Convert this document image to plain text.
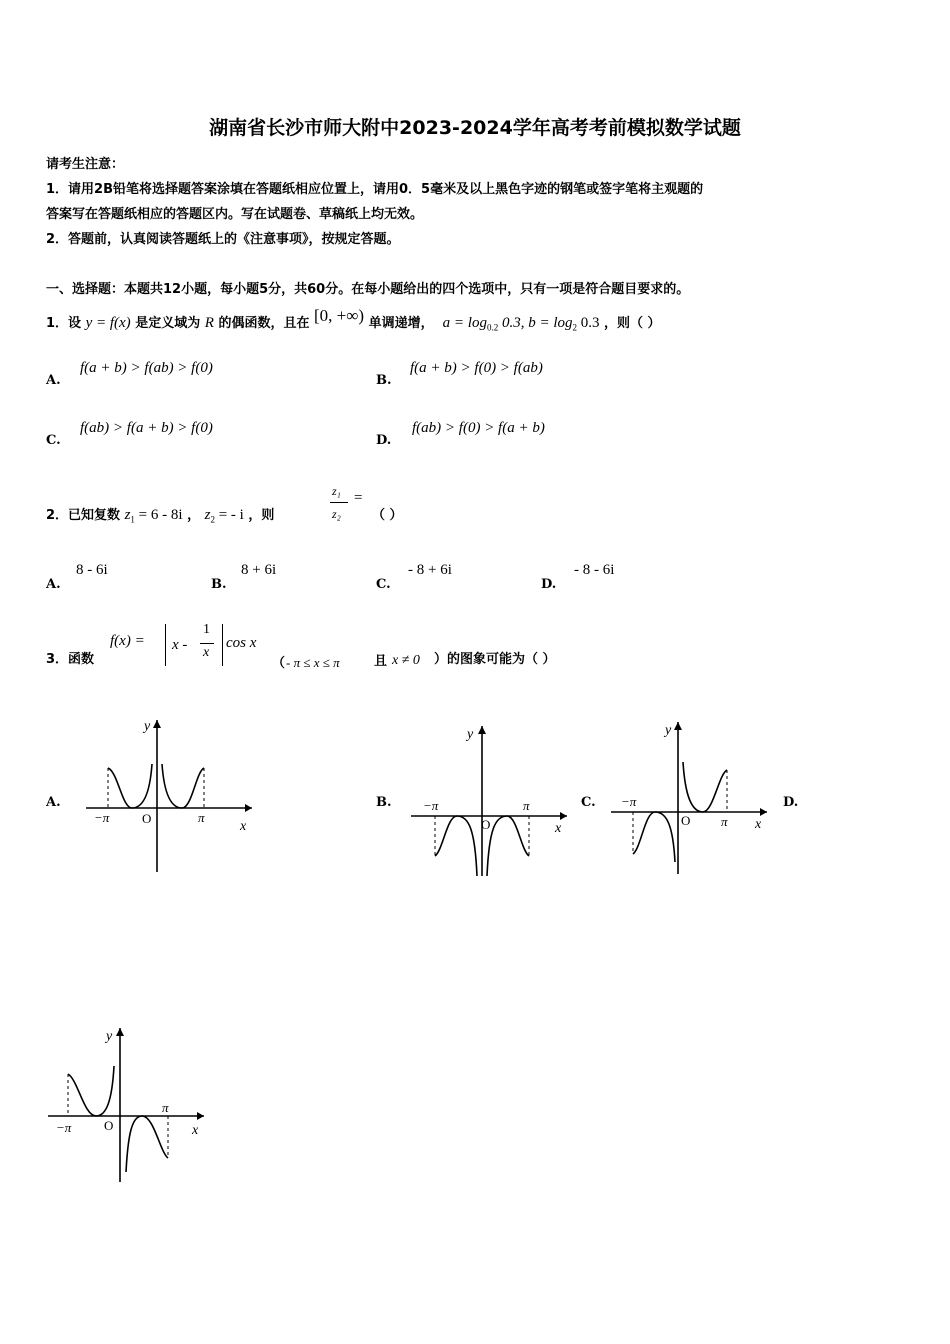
湖南省长沙市师大附中2023-2024学年高考考前模拟数学试题
请考生注意：
1．请用2B铅笔将选择题答案涂填在答题纸相应位置上，请用0．5毫米及以上黑色字迹的钢笔或签字笔将主观题的
答案写在答题纸相应的答题区内。写在试题卷、草稿纸上均无效。
2．答题前，认真阅读答题纸上的《注意事项》，按规定答题。
一、选择题：本题共12小题，每小题5分，共60分。在每小题给出的四个选项中，只有一项是符合题目要求的。
1．设 y = f(x) 是定义域为 R 的偶函数，且在 [0, +∞) 单调递增， $a = \log_{0.2} 0.3$, $b = \log_2 0.3$ ，则（ ）
A.
f(a + b) > f(ab) > f(0)
B.
f(a + b) > f(0) > f(ab)
C.
f(ab) > f(a + b) > f(0)
D.
f(ab) > f(0) > f(a + b)
2．已知复数 $z_1 = 6 - 8i$ ， $z_2$ = - i ，则
z₁
z₂
=
（ ）
A.
8 - 6i
B.
8 + 6i
C.
- 8 + 6i
D.
- 8 - 6i
3．函数
f(x) = x -
1
x
cos x
（ - π ≤ x ≤ π	且 x ≠ 0 ）的图象可能为（ ）
A.	B.	C.	D.
y
x
O
−π	π
y
x
O
−π	π
y
x
O
−π
π
y
x
O
−π
π
